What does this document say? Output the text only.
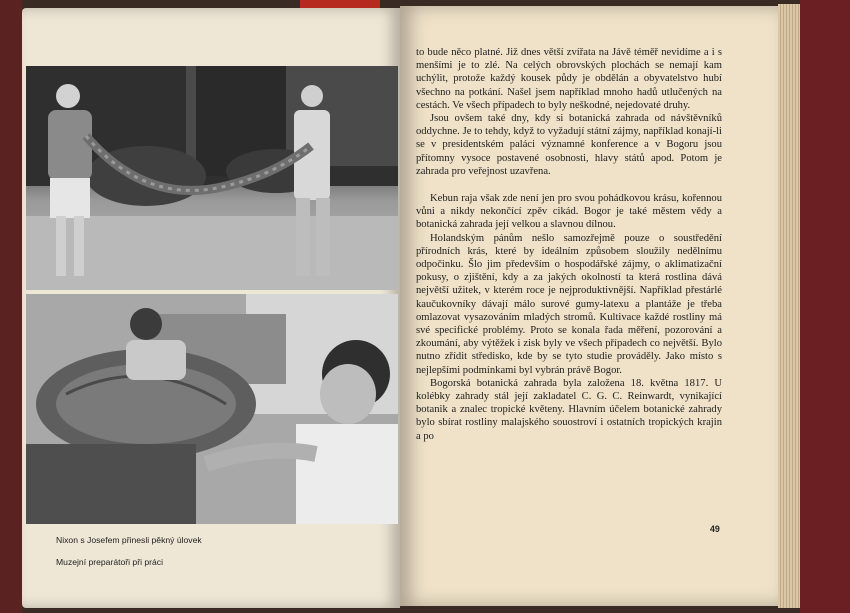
Nixon s Josefem přinesli pěkný úlovek
Muzejní preparátoři při práci

to bude něco platné. Již dnes větší zvířata na Jávě téměř nevidíme a i s menšími je to zlé. Na celých obrovských plochách se nemají kam uchýlit, protože každý kousek půdy je obdělán a obyvatelstvo hubí všechno na potkání. Našel jsem například mnoho hadů utlučených na cestách. Ve všech případech to byly neškodné, nejedovaté druhy.

Jsou ovšem také dny, kdy si botanická zahrada od návštěvníků oddychne. Je to tehdy, když to vyžadují státní zájmy, například konají-li se v presidentském paláci významné konference a v Bogoru jsou přítomny vysoce postavené osobnosti, hlavy států apod. Potom je zahrada pro veřejnost uzavřena.

Kebun raja však zde není jen pro svou pohádkovou krásu, kořennou vůni a nikdy nekončící zpěv cikád. Bogor je také městem vědy a botanická zahrada její velkou a slavnou dílnou.

Holandským pánům nešlo samozřejmě pouze o soustředění přírodních krás, které by ideálním způsobem sloužily nedělnímu odpočinku. Šlo jim především o hospodářské zájmy, o aklimatizační pokusy, o zjištění, kdy a za jakých okolností ta která rostlina dává největší užitek, v kterém roce je nejproduktivnější. Například přestárlé kaučukovníky dávají málo surové gumy-latexu a plantáže je třeba omlazovat vysazováním mladých stromů. Kultivace každé rostliny má své specifické problémy. Proto se konala řada měření, pozorování a zkoumání, aby výtěžek i zisk byly ve všech případech co největší. Bylo nutno zřídit středisko, kde by se tyto studie prováděly. Jako místo s nejlepšími podmínkami byl vybrán právě Bogor.

Bogorská botanická zahrada byla založena 18. května 1817. U kolébky zahrady stál její zakladatel C. G. C. Reinwardt, vynikající botanik a znalec tropické květeny. Hlavním účelem botanické zahrady bylo sbírat rostliny malajského souostroví i ostatních tropických krajin a po

49
